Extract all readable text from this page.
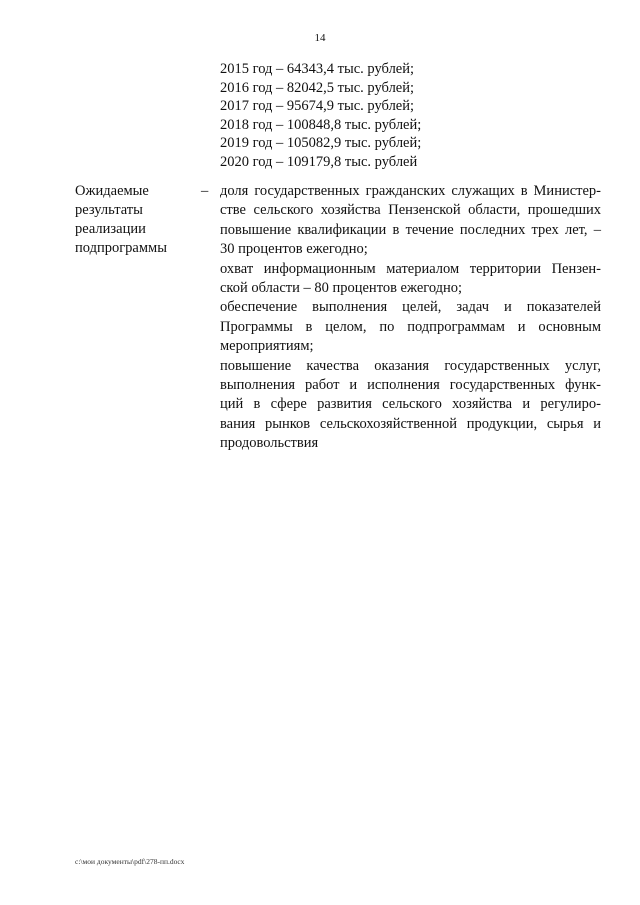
14
2015 год – 64343,4 тыс. рублей;
2016 год – 82042,5 тыс. рублей;
2017 год – 95674,9 тыс. рублей;
2018 год – 100848,8 тыс. рублей;
2019 год – 105082,9 тыс. рублей;
2020 год – 109179,8 тыс. рублей
Ожидаемые
результаты
реализации
подпрограммы
– доля государственных гражданских служащих в Министер-
стве сельского хозяйства Пензенской области, прошедших
повышение квалификации в течение последних трех лет, –
30 процентов ежегодно;
охват информационным материалом территории Пензен-
ской области – 80 процентов ежегодно;
обеспечение выполнения целей, задач и показателей
Программы в целом, по подпрограммам и основным
мероприятиям;
повышение качества оказания государственных услуг,
выполнения работ и исполнения государственных функ-
ций в сфере развития сельского хозяйства и регулиро-
вания рынков сельскохозяйственной продукции, сырья и
продовольствия
c:\мои документы\pdf\278-пп.docx
